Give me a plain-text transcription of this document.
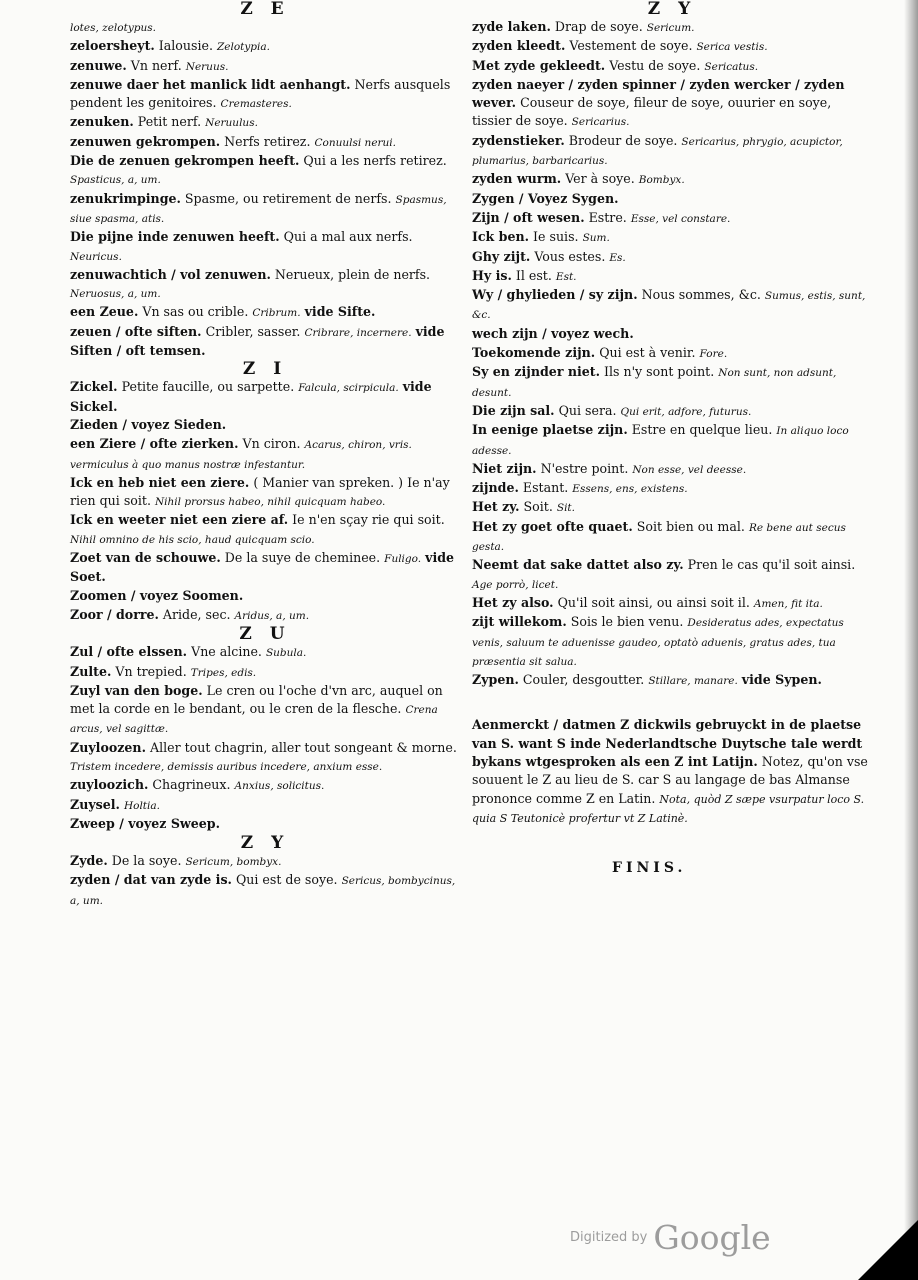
Z E

lotes, zelotypus.

zeloersheyt. Ialousie. Zelotypia.

zenuwe. Vn nerf. Neruus.

zenuwe daer het manlick lidt aenhangt. Nerfs ausquels pendent les genitoires. Cremasteres.

zenuken. Petit nerf. Neruulus.

zenuwen gekrompen. Nerfs retirez. Conuulsi nerui.

Die de zenuen gekrompen heeft. Qui a les nerfs retirez. Spasticus, a, um.

zenukrimpinge. Spasme, ou retirement de nerfs. Spasmus, siue spasma, atis.

Die pijne inde zenuwen heeft. Qui a mal aux nerfs. Neuricus.

zenuwachtich / vol zenuwen. Nerueux, plein de nerfs. Neruosus, a, um.

een Zeue. Vn sas ou crible. Cribrum. vide Sifte.

zeuen / ofte siften. Cribler, sasser. Cribrare, incernere. vide Siften / oft temsen.

Z I

Zickel. Petite faucille, ou sarpette. Falcula, scirpicula. vide Sickel.

Zieden / voyez Sieden.

een Ziere / ofte zierken. Vn ciron. Acarus, chiron, vris. vermiculus à quo manus nostræ infestantur.

Ick en heb niet een ziere. ( Manier van spreken. ) Ie n'ay rien qui soit. Nihil prorsus habeo, nihil quicquam habeo.

Ick en weeter niet een ziere af. Ie n'en sçay rie qui soit. Nihil omnino de his scio, haud quicquam scio.

Zoet van de schouwe. De la suye de cheminee. Fuligo. vide Soet.

Zoomen / voyez Soomen.

Zoor / dorre. Aride, sec. Aridus, a, um.

Z U

Zul / ofte elssen. Vne alcine. Subula.

Zulte. Vn trepied. Tripes, edis.

Zuyl van den boge. Le cren ou l'oche d'vn arc, auquel on met la corde en le bendant, ou le cren de la flesche. Crena arcus, vel sagittæ.

Zuyloozen. Aller tout chagrin, aller tout songeant & morne. Tristem incedere, demissis auribus incedere, anxium esse.

zuyloozich. Chagrineux. Anxius, solicitus.

Zuysel. Holtia.

Zweep / voyez Sweep.

Z Y

Zyde. De la soye. Sericum, bombyx.

zyden / dat van zyde is. Qui est de soye. Sericus, bombycinus, a, um.

Z Y

zyde laken. Drap de soye. Sericum.

zyden kleedt. Vestement de soye. Serica vestis.

Met zyde gekleedt. Vestu de soye. Sericatus.

zyden naeyer / zyden spinner / zyden wercker / zyden wever. Couseur de soye, fileur de soye, ouurier en soye, tissier de soye. Sericarius.

zydenstieker. Brodeur de soye. Sericarius, phrygio, acupictor, plumarius, barbaricarius.

zyden wurm. Ver à soye. Bombyx.

Zygen / Voyez Sygen.

Zijn / oft wesen. Estre. Esse, vel constare.

Ick ben. Ie suis. Sum.

Ghy zijt. Vous estes. Es.

Hy is. Il est. Est.

Wy / ghylieden / sy zijn. Nous sommes, &c. Sumus, estis, sunt, &c.

wech zijn / voyez wech.

Toekomende zijn. Qui est à venir. Fore.

Sy en zijnder niet. Ils n'y sont point. Non sunt, non adsunt, desunt.

Die zijn sal. Qui sera. Qui erit, adfore, futurus.

In eenige plaetse zijn. Estre en quelque lieu. In aliquo loco adesse.

Niet zijn. N'estre point. Non esse, vel deesse.

zijnde. Estant. Essens, ens, existens.

Het zy. Soit. Sit.

Het zy goet ofte quaet. Soit bien ou mal. Re bene aut secus gesta.

Neemt dat sake dattet also zy. Pren le cas qu'il soit ainsi. Age porrò, licet.

Het zy also. Qu'il soit ainsi, ou ainsi soit il. Amen, fit ita.

zijt willekom. Sois le bien venu. Desideratus ades, expectatus venis, saluum te aduenisse gaudeo, optatò aduenis, gratus ades, tua præsentia sit salua.

Zypen. Couler, desgoutter. Stillare, manare. vide Sypen.

Aenmerckt / datmen Z dickwils gebruyckt in de plaetse van S. want S inde Nederlandtsche Duytsche tale werdt bykans wtgesproken als een Z int Latijn. Notez, qu'on vse souuent le Z au lieu de S. car S au langage de bas Almanse prononce comme Z en Latin. Nota, quòd Z sæpe vsurpatur loco S. quia S Teutonicè profertur vt Z Latinè.
FINIS.
Digitized by Google
